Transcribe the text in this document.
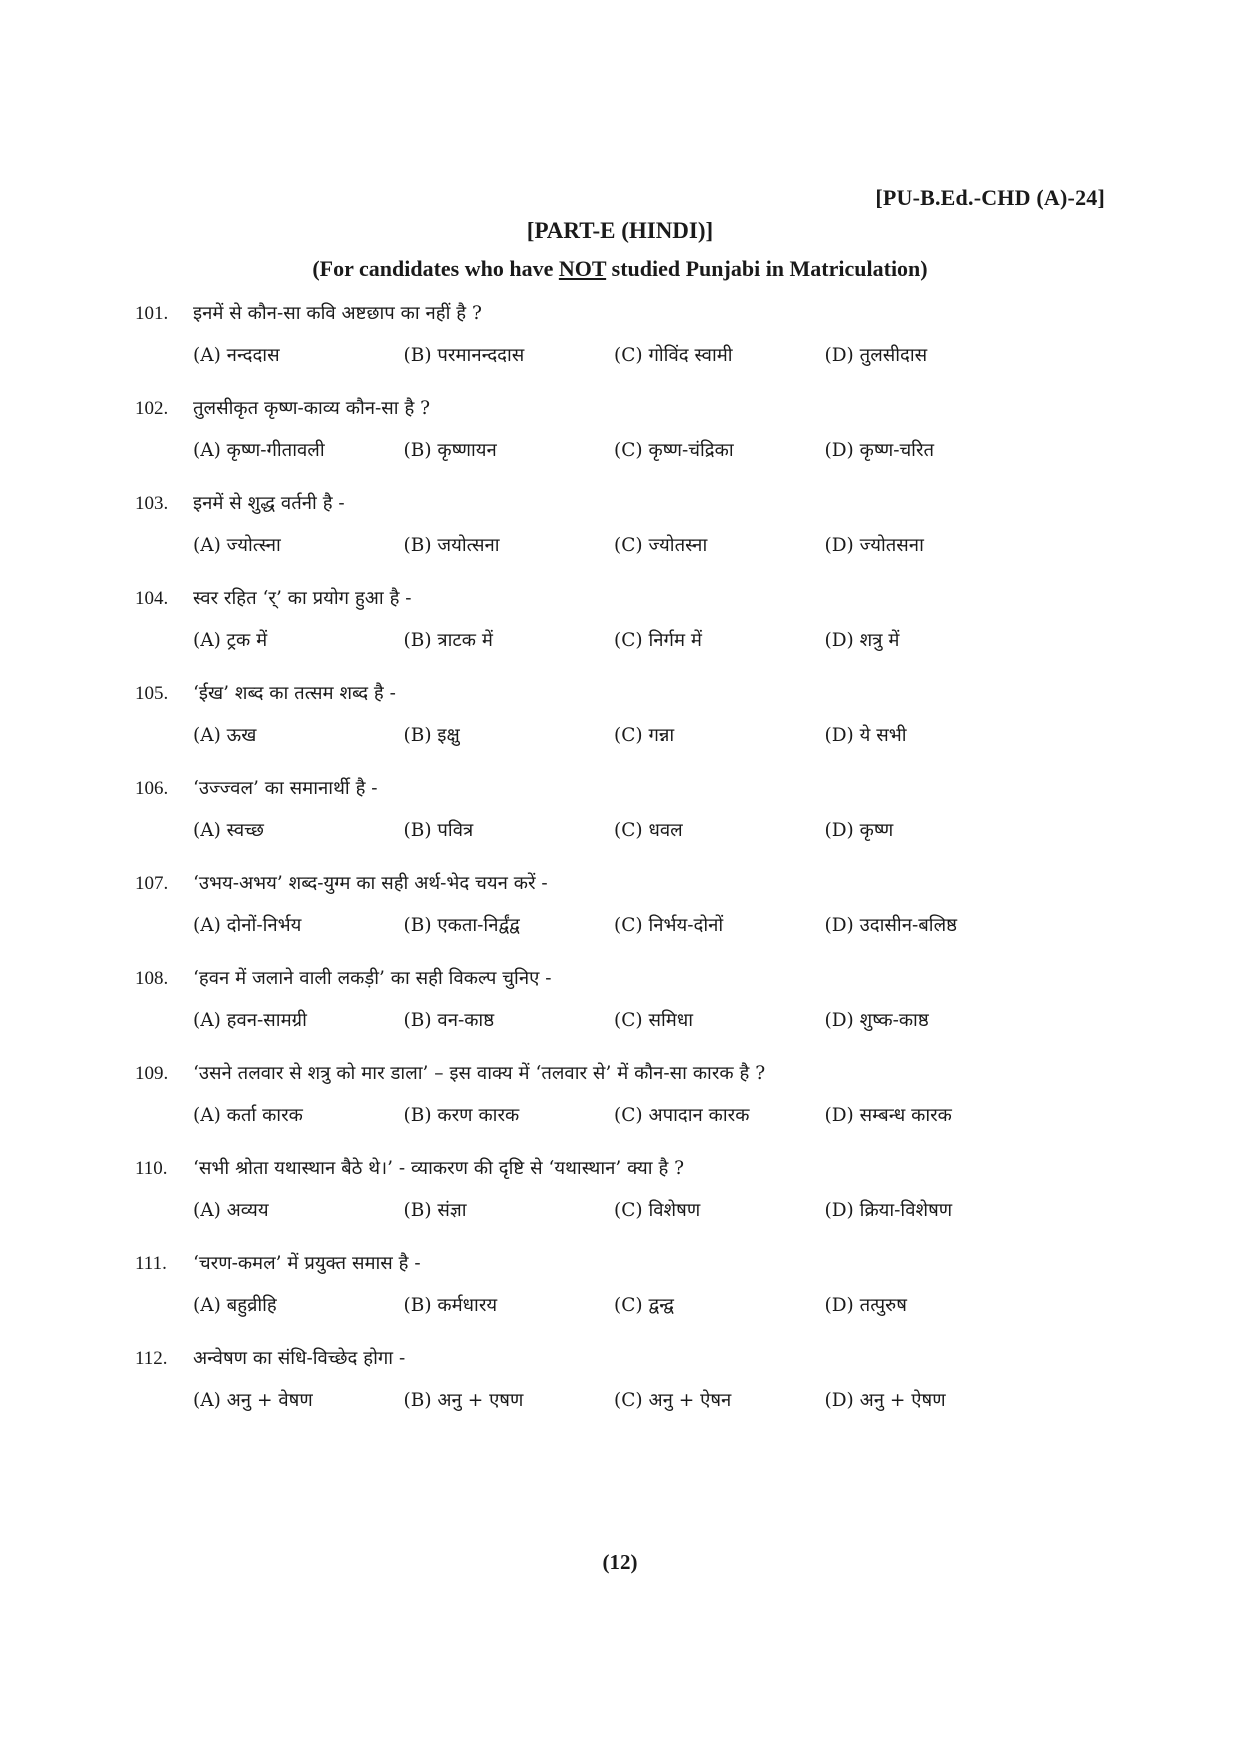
[PU-B.Ed.-CHD (A)-24]
[PART-E (HINDI)]
(For candidates who have NOT studied Punjabi in Matriculation)
101.	इनमें से कौन-सा कवि अष्टछाप का नहीं है ?
(A) नन्ददास	(B) परमानन्ददास	(C) गोविंद स्वामी	(D) तुलसीदास
102.	तुलसीकृत कृष्ण-काव्य कौन-सा है ?
(A) कृष्ण-गीतावली	(B) कृष्णायन	(C) कृष्ण-चंद्रिका	(D) कृष्ण-चरित
103.	इनमें से शुद्ध वर्तनी है -
(A) ज्योत्स्ना	(B) जयोत्सना	(C) ज्योतस्ना	(D) ज्योतसना
104.	स्वर रहित ‘र्’ का प्रयोग हुआ है -
(A) ट्रक में	(B) त्राटक में	(C) निर्गम में	(D) शत्रु में
105.	‘ईख’ शब्द का तत्सम शब्द है -
(A) ऊख	(B) इक्षु	(C) गन्ना	(D) ये सभी
106.	‘उज्ज्वल’ का समानार्थी है -
(A) स्वच्छ	(B) पवित्र	(C) धवल	(D) कृष्ण
107.	‘उभय-अभय’ शब्द-युग्म का सही अर्थ-भेद चयन करें -
(A) दोनों-निर्भय	(B) एकता-निर्द्वंद्व	(C) निर्भय-दोनों	(D) उदासीन-बलिष्ठ
108.	‘हवन में जलाने वाली लकड़ी’ का सही विकल्प चुनिए -
(A) हवन-सामग्री	(B) वन-काष्ठ	(C) समिधा	(D) शुष्क-काष्ठ
109.	‘उसने तलवार से शत्रु को मार डाला’ – इस वाक्य में ‘तलवार से’ में कौन-सा कारक है ?
(A) कर्ता कारक	(B) करण कारक	(C) अपादान कारक	(D) सम्बन्ध कारक
110.	‘सभी श्रोता यथास्थान बैठे थे।’ - व्याकरण की दृष्टि से ‘यथास्थान’ क्या है ?
(A) अव्यय	(B) संज्ञा	(C) विशेषण	(D) क्रिया-विशेषण
111.	‘चरण-कमल’ में प्रयुक्त समास है -
(A) बहुव्रीहि	(B) कर्मधारय	(C) द्वन्द्व	(D) तत्पुरुष
112.	अन्वेषण का संधि-विच्छेद होगा -
(A) अनु + वेषण	(B) अनु + एषण	(C) अनु + ऐषन	(D) अनु + ऐषण
(12)
